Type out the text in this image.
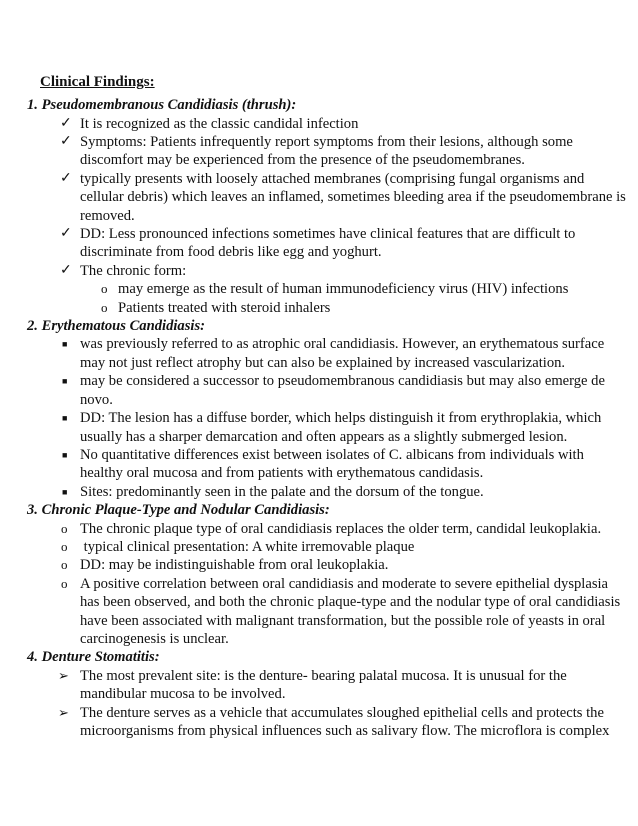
Clinical Findings:
1. Pseudomembranous Candidiasis (thrush):
✓ It is recognized as the classic candidal infection
✓ Symptoms: Patients infrequently report symptoms from their lesions, although some discomfort may be experienced from the presence of the pseudomembranes.
✓ typically presents with loosely attached membranes (comprising fungal organisms and cellular debris) which leaves an inflamed, sometimes bleeding area if the pseudomembrane is removed.
✓ DD: Less pronounced infections sometimes have clinical features that are difficult to discriminate from food debris like egg and yoghurt.
✓ The chronic form:
o may emerge as the result of human immunodeficiency virus (HIV) infections
o Patients treated with steroid inhalers
2. Erythematous Candidiasis:
■ was previously referred to as atrophic oral candidiasis. However, an erythematous surface may not just reflect atrophy but can also be explained by increased vascularization.
■ may be considered a successor to pseudomembranous candidiasis but may also emerge de novo.
■ DD: The lesion has a diffuse border, which helps distinguish it from erythroplakia, which usually has a sharper demarcation and often appears as a slightly submerged lesion.
■ No quantitative differences exist between isolates of C. albicans from individuals with healthy oral mucosa and from patients with erythematous candidasis.
■ Sites: predominantly seen in the palate and the dorsum of the tongue.
3. Chronic Plaque-Type and Nodular Candidiasis:
o The chronic plaque type of oral candidiasis replaces the older term, candidal leukoplakia.
o typical clinical presentation: A white irremovable plaque
o DD: may be indistinguishable from oral leukoplakia.
o A positive correlation between oral candidiasis and moderate to severe epithelial dysplasia has been observed, and both the chronic plaque-type and the nodular type of oral candidiasis have been associated with malignant transformation, but the possible role of yeasts in oral carcinogenesis is unclear.
4. Denture Stomatitis:
➢ The most prevalent site: is the denture- bearing palatal mucosa. It is unusual for the mandibular mucosa to be involved.
➢ The denture serves as a vehicle that accumulates sloughed epithelial cells and protects the microorganisms from physical influences such as salivary flow. The microflora is complex
